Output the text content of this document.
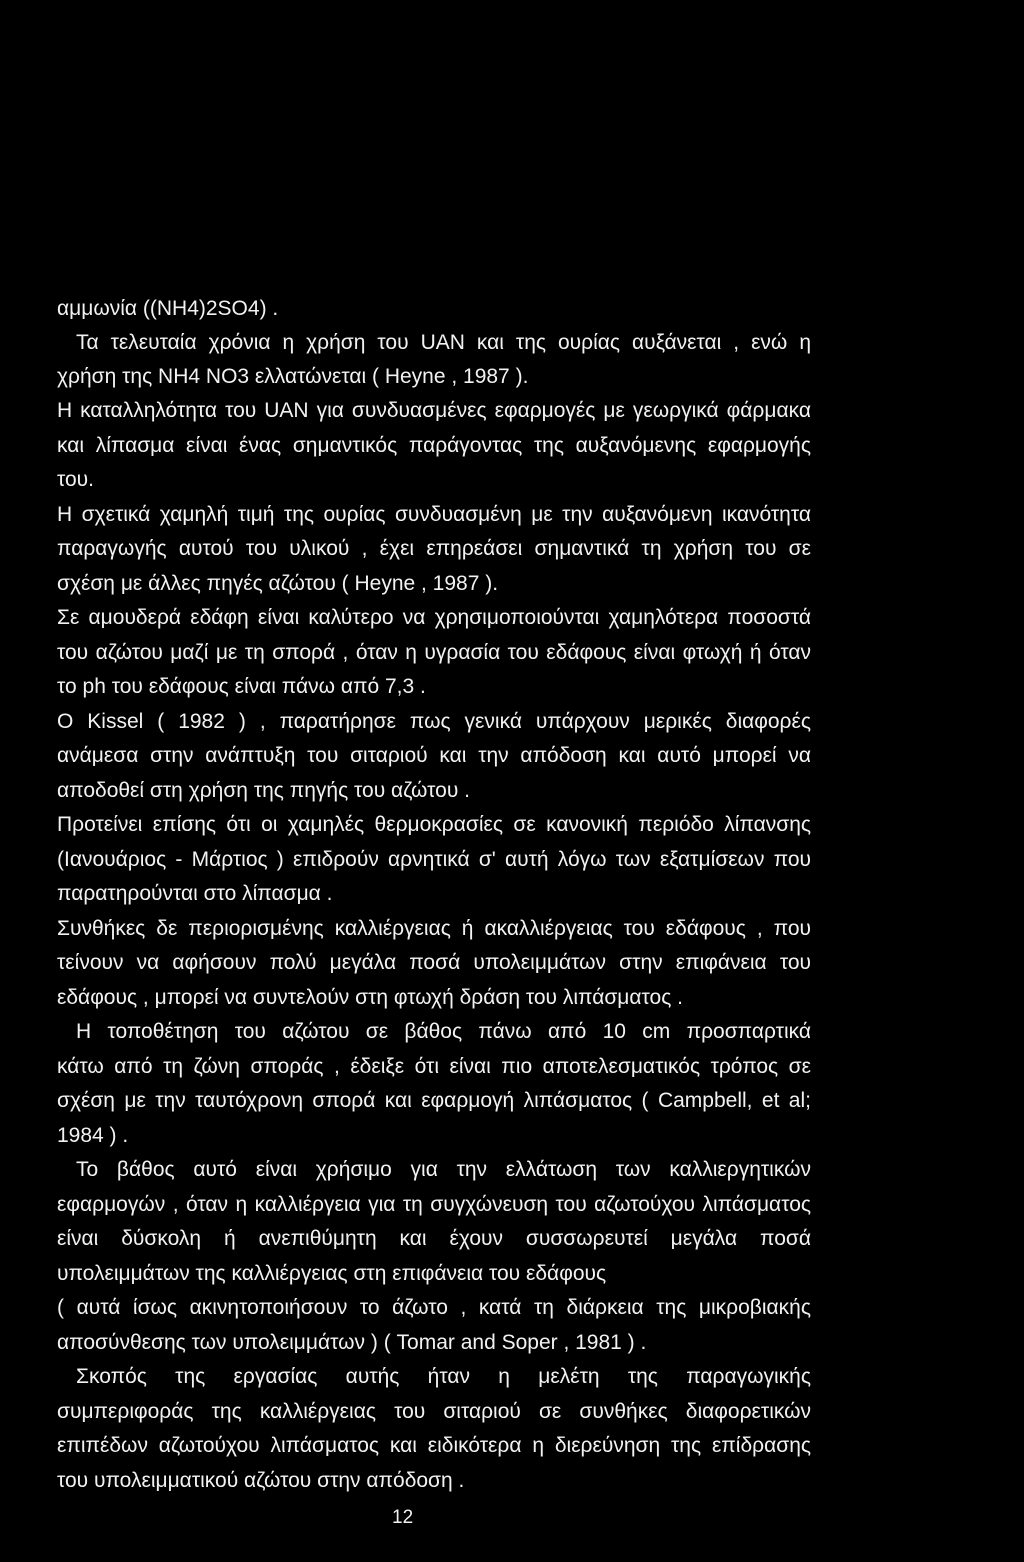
αμμωνία ((NH4)2SO4) .
Τα τελευταία χρόνια η χρήση του UAN και της ουρίας αυξάνεται , ενώ η
χρήση της NH4 NO3 ελλατώνεται ( Heyne , 1987 ).
Η καταλληλότητα του UAN για συνδυασμένες εφαρμογές με γεωργικά φάρμακα
και λίπασμα είναι ένας σημαντικός παράγοντας της αυξανόμενης εφαρμογής
του.
Η σχετικά χαμηλή τιμή της ουρίας συνδυασμένη με την αυξανόμενη ικανότητα
παραγωγής αυτού του υλικού , έχει επηρεάσει σημαντικά τη χρήση του σε
σχέση με άλλες πηγές αζώτου ( Heyne , 1987 ).
Σε αμουδερά εδάφη είναι καλύτερο να χρησιμοποιούνται χαμηλότερα ποσοστά
του αζώτου μαζί με τη σπορά , όταν η υγρασία του εδάφους είναι φτωχή ή όταν
το ph του εδάφους είναι πάνω από 7,3 .
Ο Kissel ( 1982 ) , παρατήρησε πως γενικά υπάρχουν μερικές διαφορές
ανάμεσα στην ανάπτυξη του σιταριού και την απόδοση και αυτό μπορεί να
αποδοθεί στη χρήση της πηγής του αζώτου .
Προτείνει επίσης ότι οι χαμηλές θερμοκρασίες σε κανονική περιόδο λίπανσης
(Ιανουάριος - Μάρτιος ) επιδρούν αρνητικά σ' αυτή λόγω των εξατμίσεων που
παρατηρούνται στο λίπασμα .
Συνθήκες δε περιορισμένης καλλιέργειας ή ακαλλιέργειας του εδάφους , που
τείνουν να αφήσουν πολύ μεγάλα ποσά υπολειμμάτων στην επιφάνεια του
εδάφους , μπορεί να συντελούν στη φτωχή δράση του λιπάσματος .
Η τοποθέτηση του αζώτου σε βάθος πάνω από 10 cm προσπαρτικά
κάτω από τη ζώνη σποράς , έδειξε ότι είναι πιο αποτελεσματικός τρόπος σε
σχέση με την ταυτόχρονη σπορά και εφαρμογή λιπάσματος ( Campbell, et al;
1984 ) .
Το βάθος αυτό είναι χρήσιμο για την ελλάτωση των καλλιεργητικών
εφαρμογών , όταν η καλλιέργεια για τη συγχώνευση του αζωτούχου λιπάσματος
είναι δύσκολη ή ανεπιθύμητη και έχουν συσσωρευτεί μεγάλα ποσά
υπολειμμάτων της καλλιέργειας στη επιφάνεια του εδάφους
( αυτά ίσως ακινητοποιήσουν το άζωτο , κατά τη διάρκεια της μικροβιακής
αποσύνθεσης των υπολειμμάτων ) ( Tomar and Soper , 1981 ) .
Σκοπός της εργασίας αυτής ήταν η μελέτη της παραγωγικής
συμπεριφοράς της καλλιέργειας του σιταριού σε συνθήκες διαφορετικών
επιπέδων αζωτούχου λιπάσματος και ειδικότερα η διερεύνηση της επίδρασης
του υπολειμματικού αζώτου στην απόδοση .
12
